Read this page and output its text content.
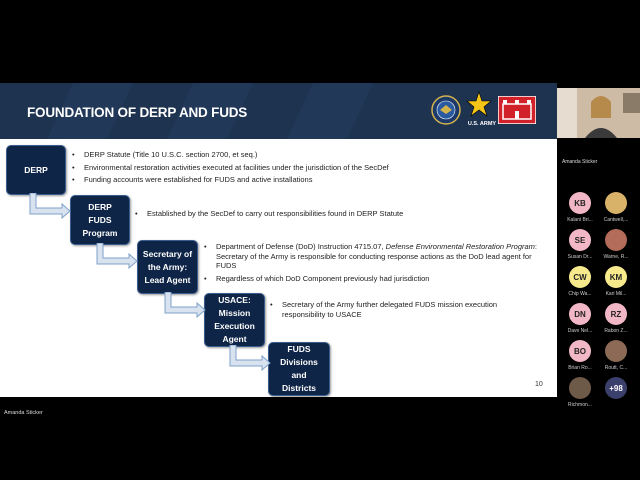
FOUNDATION OF DERP AND FUDS
U.S. ARMY
DERP
DERP FUDS Program
Secretary of the Army: Lead Agent
USACE: Mission Execution Agent
FUDS Divisions and Districts
• DERP Statute (Title 10 U.S.C. section 2700, et seq.)
• Environmental restoration activities executed at facilities under the jurisdiction of the SecDef
• Funding accounts were established for FUDS and active installations
• Established by the SecDef to carry out responsibilities found in DERP Statute
• Department of Defense (DoD) Instruction 4715.07, Defense Environmental Restoration Program: Secretary of the Army is responsible for conducting response actions as the DoD lead agent for FUDS
• Regardless of which DoD Component previously had jurisdiction
• Secretary of the Army further delegated FUDS mission execution responsibility to USACE
10
Amanda Sticker
Amanda Sticker
KB
Kalani Bri...	Cantwell,...
SE
Susan Dr...	Warne, R...
CW
Chip Wa...
KM
Kari Mil...
DN
Dave Nel...
RZ
Rabon Z...
BO
Brian Ro...	Routt, C...
Richmon...
+98
